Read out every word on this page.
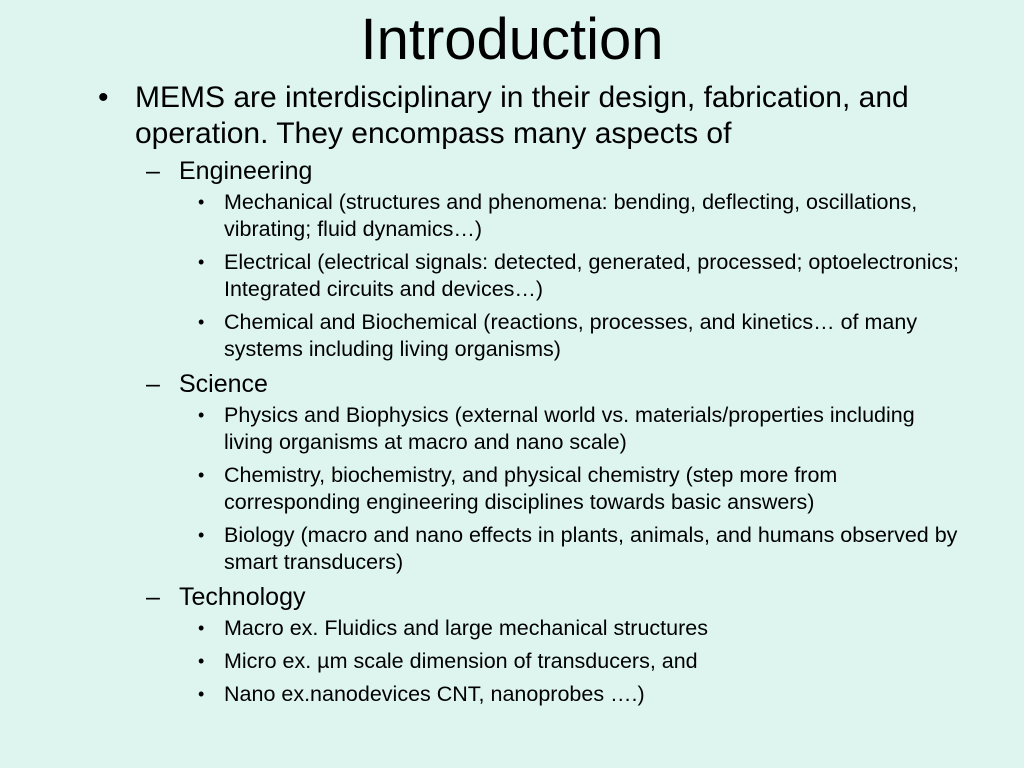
Introduction
• MEMS are interdisciplinary in their design, fabrication, and operation. They encompass many aspects of
– Engineering
• Mechanical (structures and phenomena: bending, deflecting, oscillations, vibrating; fluid dynamics…)
• Electrical (electrical signals: detected, generated, processed; optoelectronics; Integrated circuits and devices…)
• Chemical and Biochemical (reactions, processes, and kinetics… of many systems including living organisms)
– Science
• Physics and Biophysics (external world vs. materials/properties including living organisms at macro and nano scale)
• Chemistry, biochemistry, and physical chemistry (step more from corresponding engineering disciplines towards basic answers)
• Biology (macro and nano effects in plants, animals, and humans observed by smart transducers)
– Technology
• Macro ex. Fluidics and large mechanical structures
• Micro ex. µm scale dimension of transducers, and
• Nano ex.nanodevices CNT, nanoprobes ….)
